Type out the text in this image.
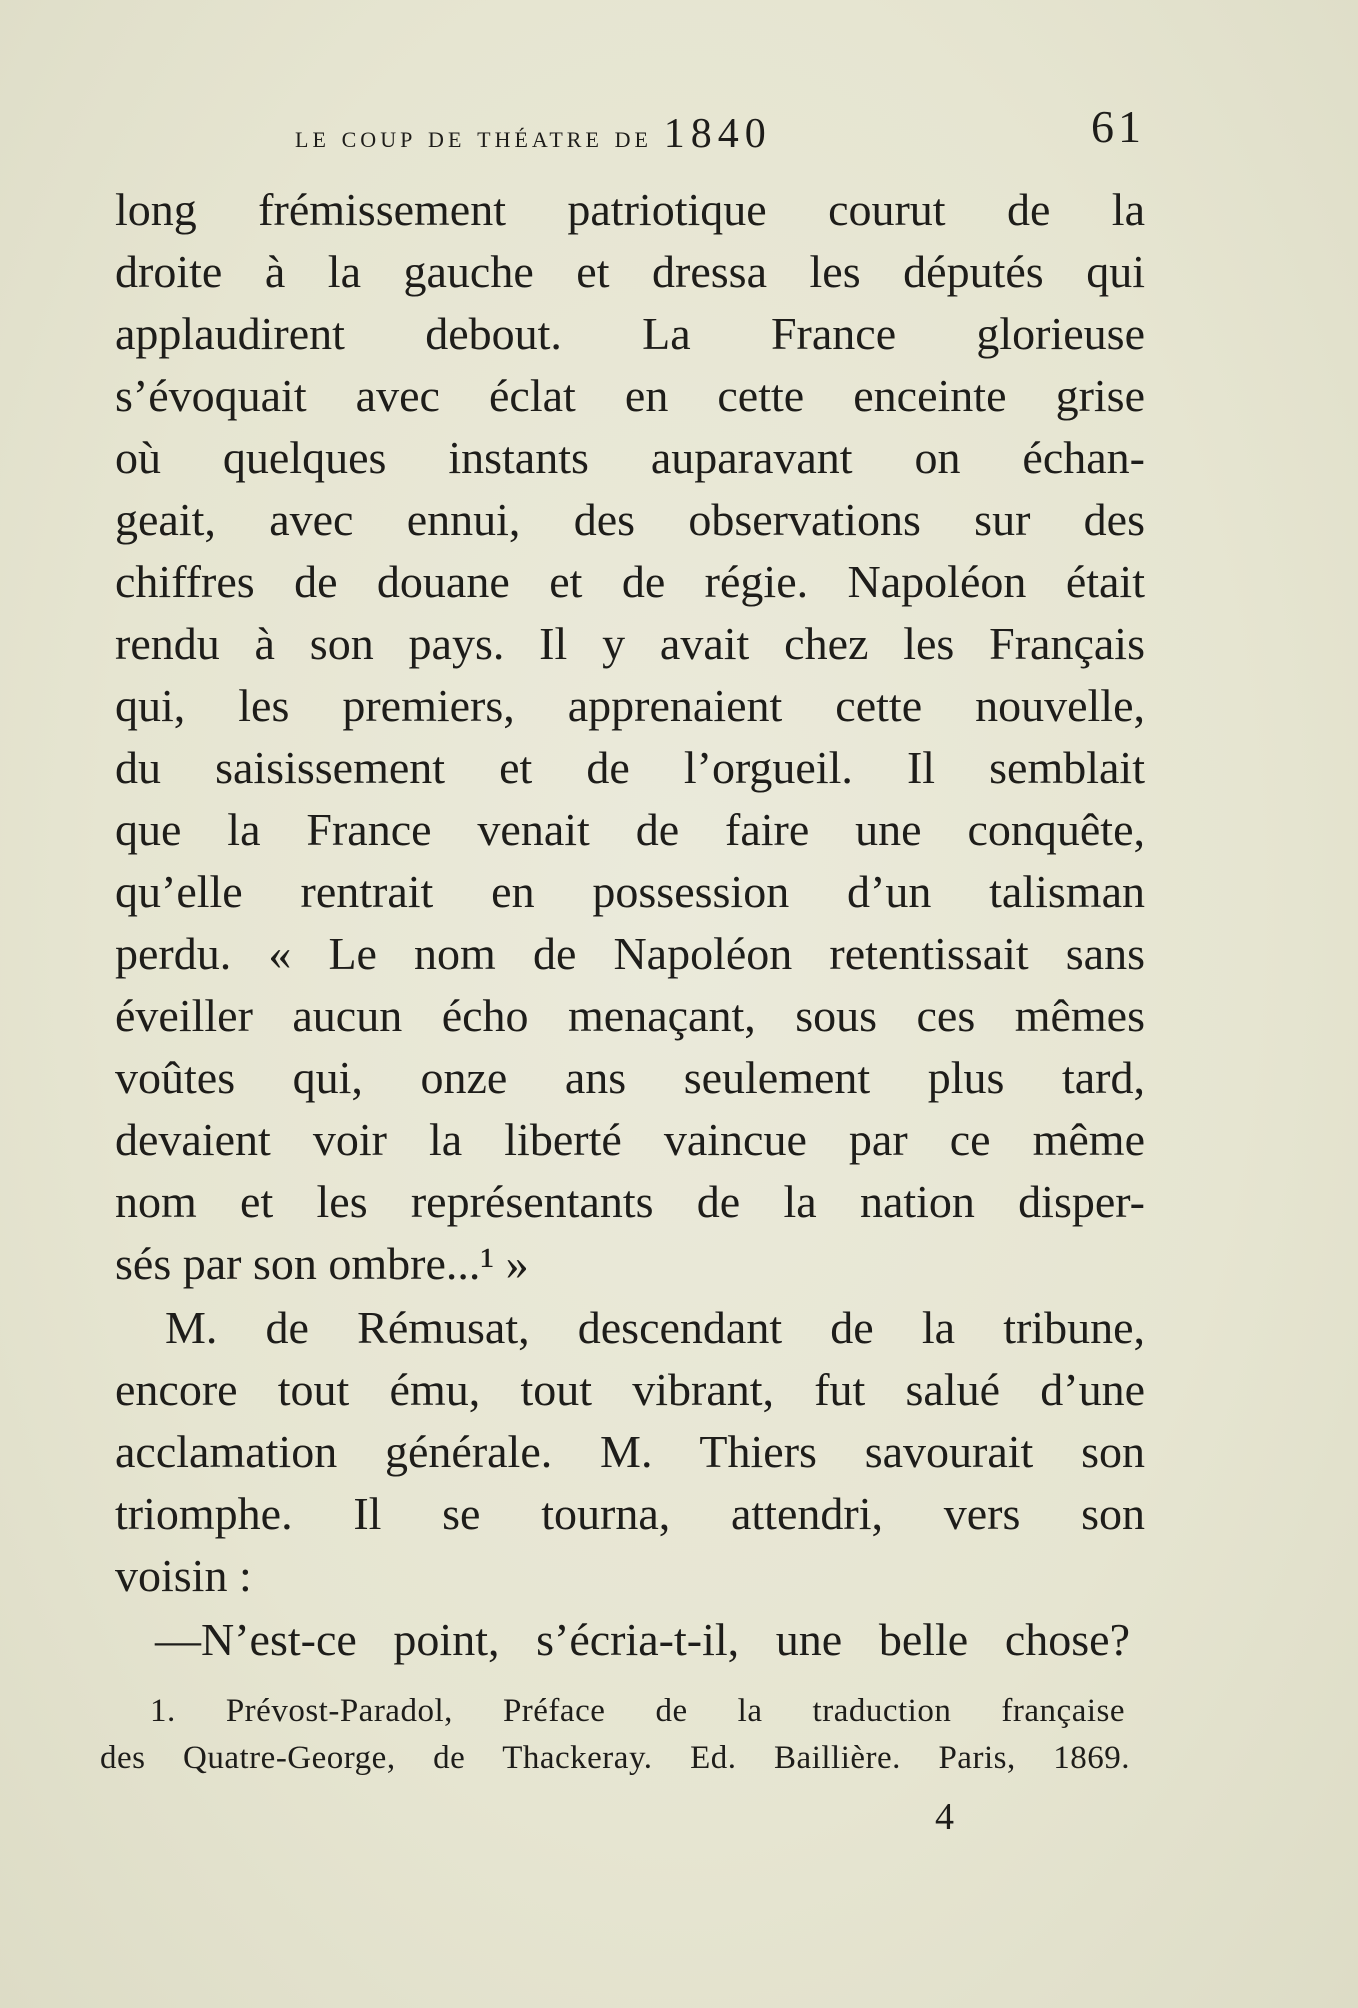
le coup de théatre de 1840	61
long frémissement patriotique courut de la
droite à la gauche et dressa les députés qui
applaudirent debout. La France glorieuse
s’évoquait avec éclat en cette enceinte grise
où quelques instants auparavant on échan-
geait, avec ennui, des observations sur des
chiffres de douane et de régie. Napoléon était
rendu à son pays. Il y avait chez les Français
qui, les premiers, apprenaient cette nouvelle,
du saisissement et de l’orgueil. Il semblait
que la France venait de faire une conquête,
qu’elle rentrait en possession d’un talisman
perdu. « Le nom de Napoléon retentissait sans
éveiller aucun écho menaçant, sous ces mêmes
voûtes qui, onze ans seulement plus tard,
devaient voir la liberté vaincue par ce même
nom et les représentants de la nation disper-
sés par son ombre...¹ »
M. de Rémusat, descendant de la tribune,
encore tout ému, tout vibrant, fut salué d’une
acclamation générale. M. Thiers savourait son
triomphe. Il se tourna, attendri, vers son
voisin :
—N’est-ce point, s’écria-t-il, une belle chose?
1. Prévost-Paradol, Préface de la traduction française
des Quatre-George, de Thackeray. Ed. Baillière. Paris, 1869.
4
